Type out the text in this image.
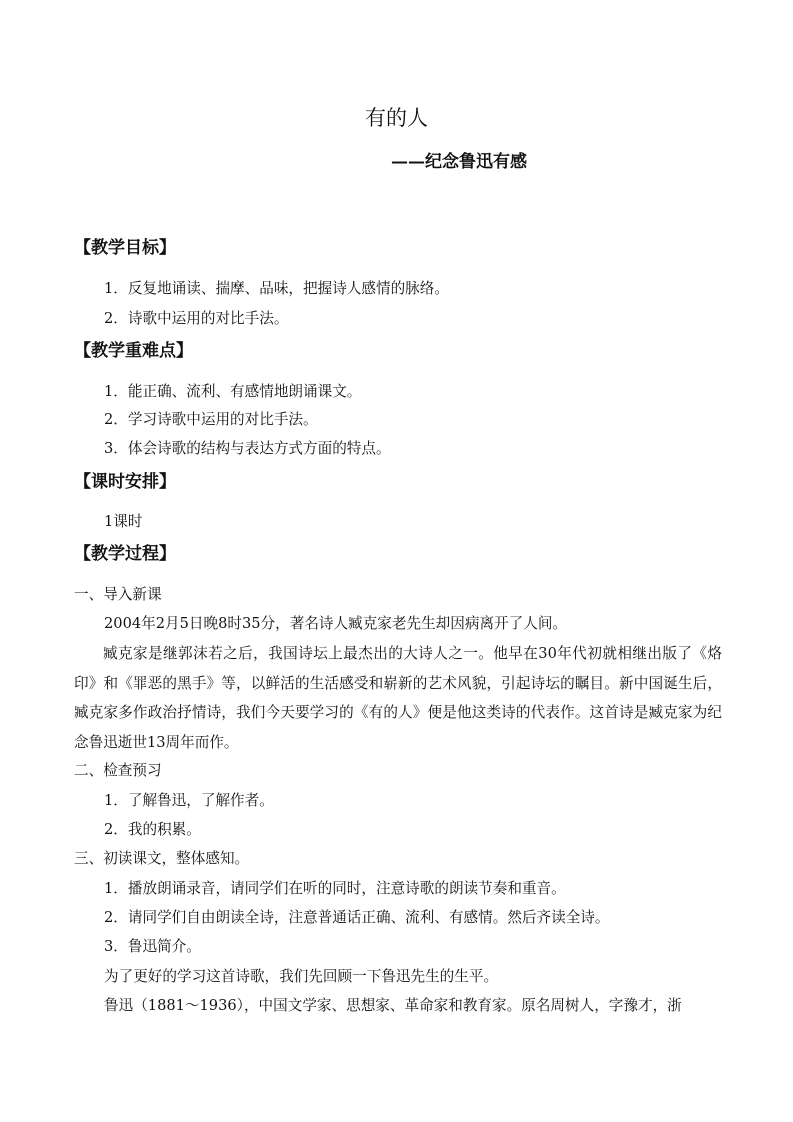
有的人
——纪念鲁迅有感
【教学目标】
1．反复地诵读、揣摩、品味，把握诗人感情的脉络。
2．诗歌中运用的对比手法。
【教学重难点】
1．能正确、流利、有感情地朗诵课文。
2．学习诗歌中运用的对比手法。
3．体会诗歌的结构与表达方式方面的特点。
【课时安排】
1课时
【教学过程】
一、导入新课
2004年2月5日晚8时35分，著名诗人臧克家老先生却因病离开了人间。
臧克家是继郭沫若之后，我国诗坛上最杰出的大诗人之一。他早在30年代初就相继出版了《烙印》和《罪恶的黑手》等，以鲜活的生活感受和崭新的艺术风貌，引起诗坛的瞩目。新中国诞生后，臧克家多作政治抒情诗，我们今天要学习的《有的人》便是他这类诗的代表作。这首诗是臧克家为纪念鲁迅逝世13周年而作。
二、检查预习
1．了解鲁迅，了解作者。
2．我的积累。
三、初读课文，整体感知。
1．播放朗诵录音，请同学们在听的同时，注意诗歌的朗读节奏和重音。
2．请同学们自由朗读全诗，注意普通话正确、流利、有感情。然后齐读全诗。
3．鲁迅简介。
为了更好的学习这首诗歌，我们先回顾一下鲁迅先生的生平。
鲁迅（1881～1936），中国文学家、思想家、革命家和教育家。原名周树人，字豫才，浙
